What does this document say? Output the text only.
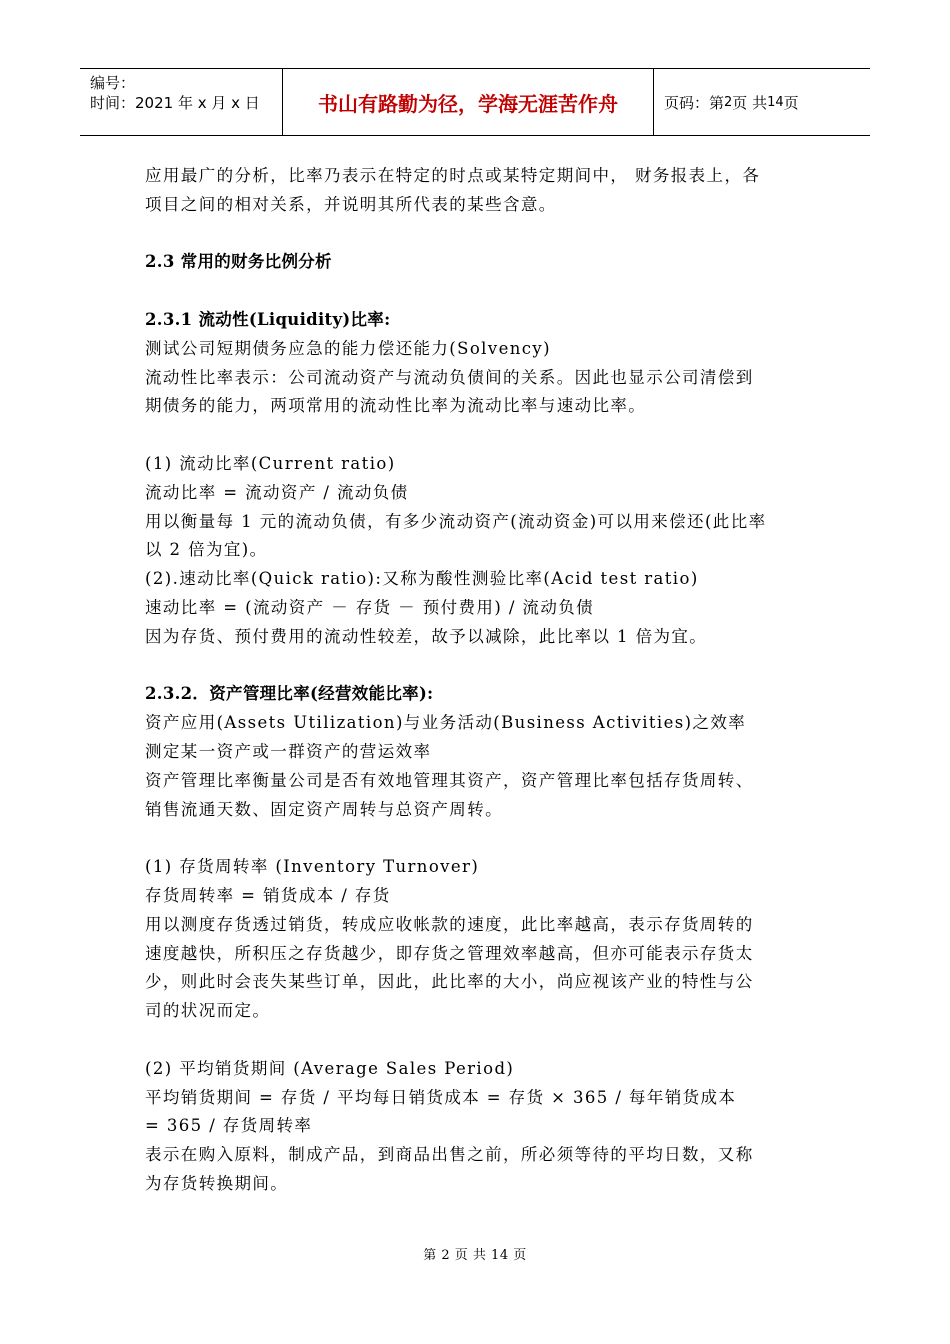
编号：
时间：2021 年 x 月 x 日	书山有路勤为径，学海无涯苦作舟	页码：第 2 页 共 14 页

应用最广的分析，比率乃表示在特定的时点或某特定期间中， 财务报表上，各

项目之间的相对关系，并说明其所代表的某些含意。

2.3 常用的财务比例分析

2.3.1 流动性(Liquidity)比率:

测试公司短期债务应急的能力偿还能力(Solvency)

流动性比率表示：公司流动资产与流动负债间的关系。因此也显示公司清偿到

期债务的能力，两项常用的流动性比率为流动比率与速动比率。

(1) 流动比率(Current ratio)

流动比率 = 流动资产 / 流动负债

用以衡量每 1 元的流动负债，有多少流动资产(流动资金)可以用来偿还(此比率

以 2 倍为宜)。

(2).速动比率(Quick ratio):又称为酸性测验比率(Acid test ratio)

速动比率 = (流动资产 － 存货 － 预付费用) / 流动负债

因为存货、预付费用的流动性较差，故予以减除，此比率以 1 倍为宜。

2.3.2．资产管理比率(经营效能比率):

资产应用(Assets Utilization)与业务活动(Business Activities)之效率

测定某一资产或一群资产的营运效率

资产管理比率衡量公司是否有效地管理其资产，资产管理比率包括存货周转、

销售流通天数、固定资产周转与总资产周转。

(1) 存货周转率 (Inventory Turnover)

存货周转率 = 销货成本 / 存货

用以测度存货透过销货，转成应收帐款的速度，此比率越高，表示存货周转的

速度越快，所积压之存货越少，即存货之管理效率越高，但亦可能表示存货太

少，则此时会丧失某些订单，因此，此比率的大小，尚应视该产业的特性与公

司的状况而定。

(2) 平均销货期间 (Average Sales Period)

平均销货期间 = 存货 / 平均每日销货成本 = 存货 × 365 / 每年销货成本

= 365 / 存货周转率

表示在购入原料，制成产品，到商品出售之前，所必须等待的平均日数，又称

为存货转换期间。

第 2 页 共 14 页
